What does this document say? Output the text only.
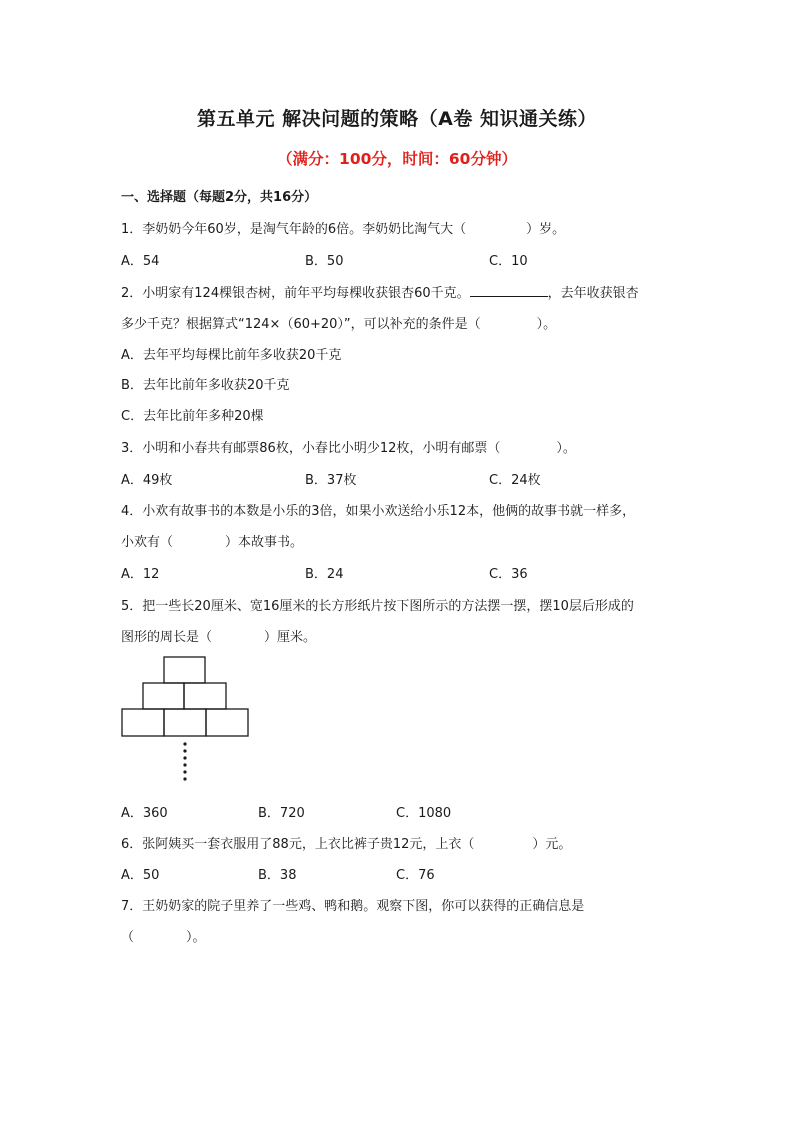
第五单元 解决问题的策略（A卷 知识通关练）
（满分：100分，时间：60分钟）
一、选择题（每题2分，共16分）
1．李奶奶今年60岁，是淘气年龄的6倍。李奶奶比淘气大（	）岁。
A．54	B．50	C．10
2．小明家有124棵银杏树，前年平均每棵收获银杏60千克。	，去年收获银杏
多少千克？根据算式“124×（60+20）”，可以补充的条件是（	）。
A．去年平均每棵比前年多收获20千克
B．去年比前年多收获20千克
C．去年比前年多种20棵
3．小明和小春共有邮票86枚，小春比小明少12枚，小明有邮票（	）。
A．49枚	B．37枚	C．24枚
4．小欢有故事书的本数是小乐的3倍，如果小欢送给小乐12本，他俩的故事书就一样多，
小欢有（	）本故事书。
A．12	B．24	C．36
5．把一些长20厘米、宽16厘米的长方形纸片按下图所示的方法摆一摆，摆10层后形成的
图形的周长是（	）厘米。
A．360	B．720	C．1080
6．张阿姨买一套衣服用了88元，上衣比裤子贵12元，上衣（	）元。
A．50	B．38	C．76
7．王奶奶家的院子里养了一些鸡、鸭和鹅。观察下图，你可以获得的正确信息是
（	）。
